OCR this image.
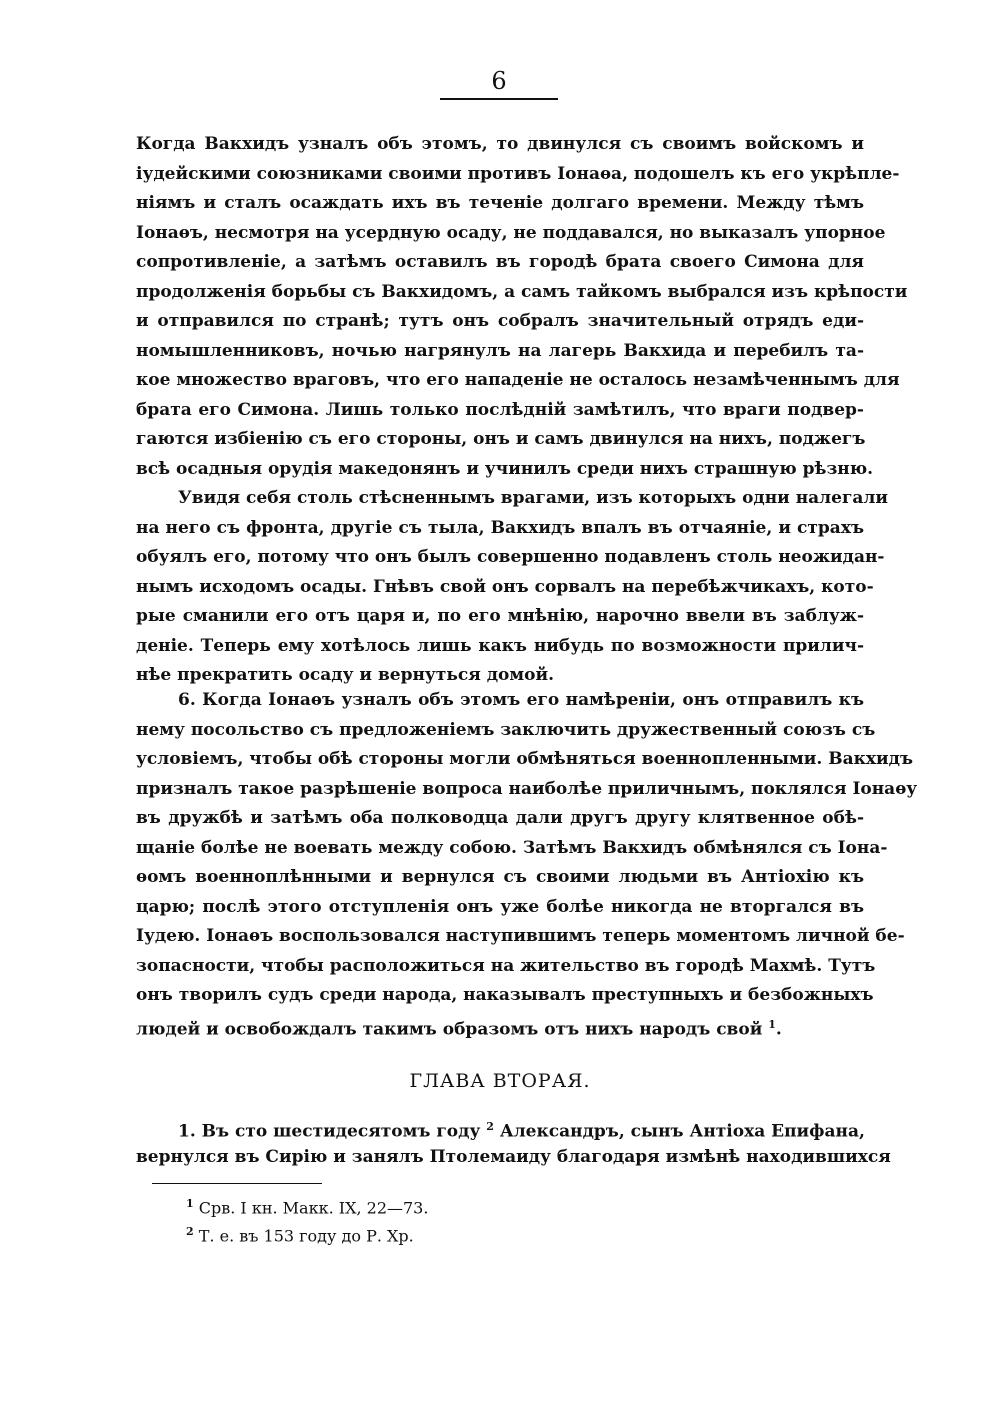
6
Когда Вакхидъ узналъ объ этомъ, то двинулся съ своимъ войскомъ и
іудейскими союзниками своими противъ Іонаѳа, подошелъ къ его укрѣпле-
ніямъ и сталъ осаждать ихъ въ теченіе долгаго времени. Между тѣмъ
Іонаѳъ, несмотря на усердную осаду, не поддавался, но выказалъ упорное
сопротивленіе, а затѣмъ оставилъ въ городѣ брата своего Симона для
продолженія борьбы съ Вакхидомъ, а самъ тайкомъ выбрался изъ крѣпости
и отправился по странѣ; тутъ онъ собралъ значительный отрядъ еди-
номышленниковъ, ночью нагрянулъ на лагерь Вакхида и перебилъ та-
кое множество враговъ, что его нападеніе не осталось незамѣченнымъ для
брата его Симона. Лишь только послѣдній замѣтилъ, что враги подвер-
гаются избіенію съ его стороны, онъ и самъ двинулся на нихъ, поджегъ
всѣ осадныя орудія македонянъ и учинилъ среди нихъ страшную рѣзню.
Увидя себя столь стѣсненнымъ врагами, изъ которыхъ одни налегали
на него съ фронта, другіе съ тыла, Вакхидъ впалъ въ отчаяніе, и страхъ
обуялъ его, потому что онъ былъ совершенно подавленъ столь неожидан-
нымъ исходомъ осады. Гнѣвъ свой онъ сорвалъ на перебѣжчикахъ, кото-
рые сманили его отъ царя и, по его мнѣнію, нарочно ввели въ заблуж-
деніе. Теперь ему хотѣлось лишь какъ нибудь по возможности прилич-
нѣе прекратить осаду и вернуться домой.
6. Когда Іонаѳъ узналъ объ этомъ его намѣреніи, онъ отправилъ къ
нему посольство съ предложеніемъ заключить дружественный союзъ съ
условіемъ, чтобы обѣ стороны могли обмѣняться военнопленными. Вакхидъ
призналъ такое разрѣшеніе вопроса наиболѣе приличнымъ, поклялся Іонаѳу
въ дружбѣ и затѣмъ оба полководца дали другъ другу клятвенное обѣ-
щаніе болѣе не воевать между собою. Затѣмъ Вакхидъ обмѣнялся съ Іона-
ѳомъ военноплѣнными и вернулся съ своими людьми въ Антіохію къ
царю; послѣ этого отступленія онъ уже болѣе никогда не вторгался въ
Іудею. Іонаѳъ воспользовался наступившимъ теперь моментомъ личной бе-
зопасности, чтобы расположиться на жительство въ городѣ Махмѣ. Тутъ
онъ творилъ судъ среди народа, наказывалъ преступныхъ и безбожныхъ
людей и освобождалъ такимъ образомъ отъ нихъ народъ свой $^1$.
ГЛАВА ВТОРАЯ.
1. Въ сто шестидесятомъ году $^2$ Александръ, сынъ Антіоха Епифана,
вернулся въ Сирію и занялъ Птолемаиду благодаря измѣнѣ находившихся
$^1$ Срв. I кн. Макк. IX, 22—73.
$^2$ Т. е. въ 153 году до Р. Хр.
